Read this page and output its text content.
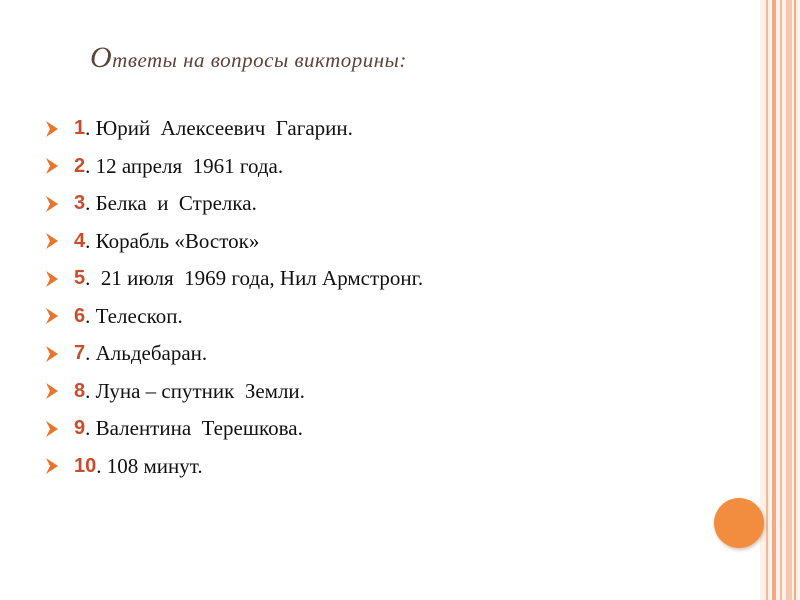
Ответы на вопросы викторины:
1 . Юрий  Алексеевич  Гагарин.
2 . 12 апреля  1961 года.
3 . Белка  и  Стрелка.
4 . Корабль «Восток»
5 .  21 июля  1969 года, Нил Армстронг.
6 . Телескоп.
7 . Альдебаран.
8 . Луна – спутник  Земли.
9 . Валентина  Терешкова.
10 . 108 минут.
